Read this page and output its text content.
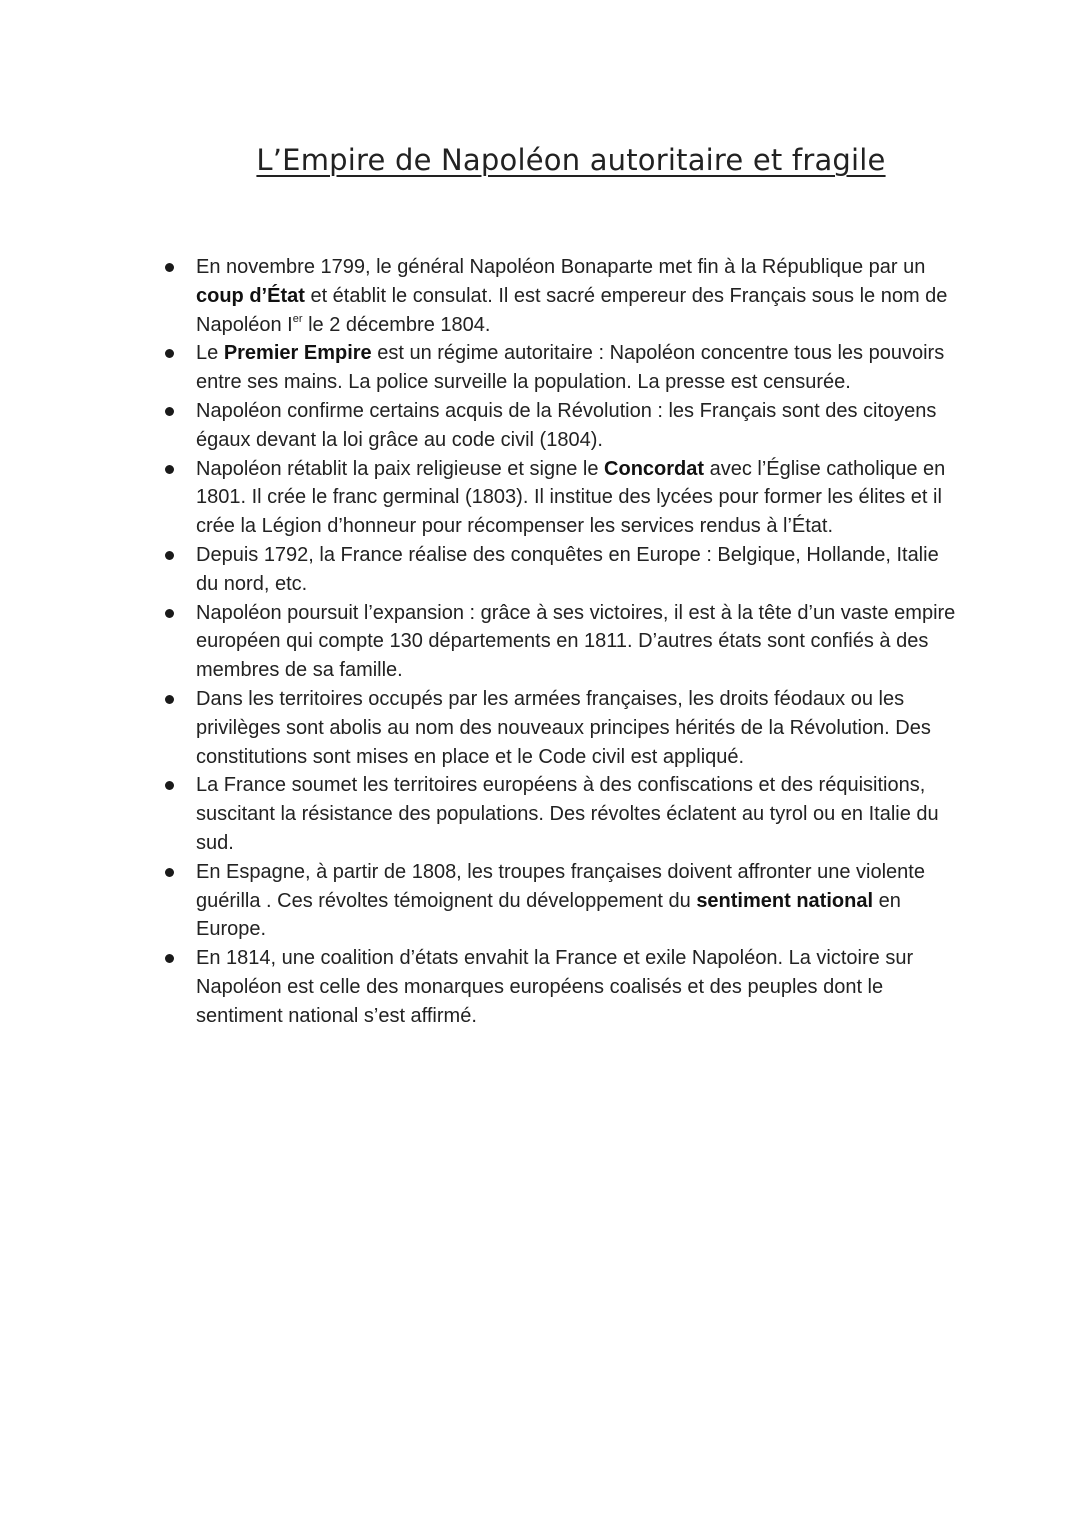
L’Empire de Napoléon autoritaire et fragile
En novembre 1799, le général Napoléon Bonaparte met fin à la République par un coup d’État et établit le consulat. Il est sacré empereur des Français sous le nom de Napoléon Ier le 2 décembre 1804.
Le Premier Empire est un régime autoritaire : Napoléon concentre tous les pouvoirs entre ses mains. La police surveille la population. La presse est censurée.
Napoléon confirme certains acquis de la Révolution : les Français sont des citoyens égaux devant la loi grâce au code civil (1804).
Napoléon rétablit la paix religieuse et signe le Concordat avec l’Église catholique en 1801. Il crée le franc germinal (1803). Il institue des lycées pour former les élites et il crée la Légion d’honneur pour récompenser les services rendus à l’État.
Depuis 1792, la France réalise des conquêtes en Europe : Belgique, Hollande, Italie du nord, etc.
Napoléon poursuit l’expansion : grâce à ses victoires, il est à la tête d’un vaste empire européen qui compte 130 départements en 1811. D’autres états sont confiés à des membres de sa famille.
Dans les territoires occupés par les armées françaises, les droits féodaux ou les privilèges sont abolis au nom des nouveaux principes hérités de la Révolution. Des constitutions sont mises en place et le Code civil est appliqué.
La France soumet les territoires européens à des confiscations et des réquisitions, suscitant la résistance des populations. Des révoltes éclatent au tyrol ou en Italie du sud.
En Espagne, à partir de 1808, les troupes françaises doivent affronter une violente guérilla . Ces révoltes témoignent du développement du sentiment national en Europe.
En 1814, une coalition d’états envahit la France et exile Napoléon. La victoire sur Napoléon est celle des monarques européens coalisés et des peuples dont le sentiment national s’est affirmé.
